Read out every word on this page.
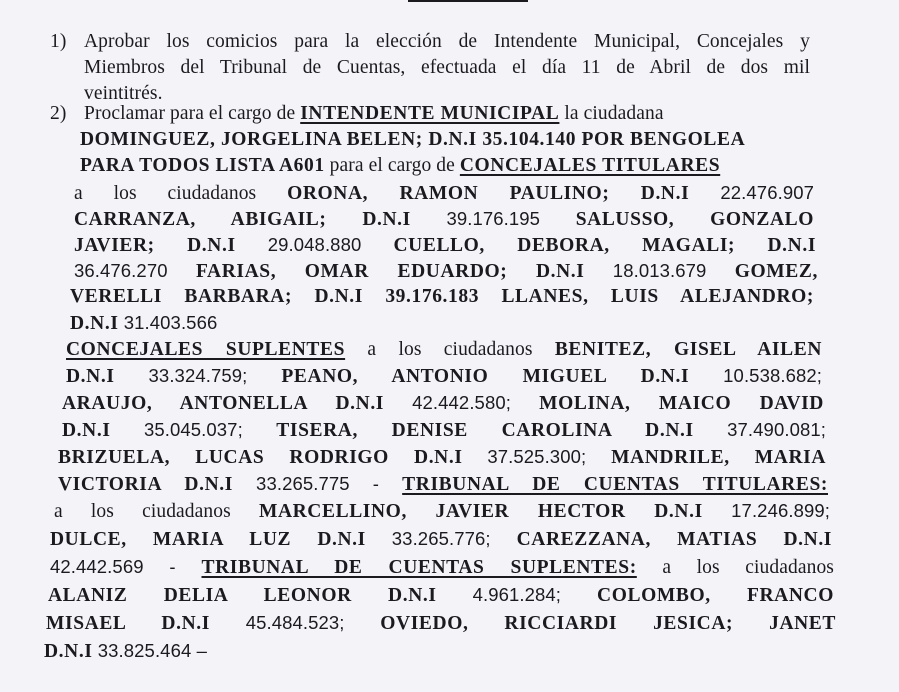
1) Aprobar los comicios para la elección de Intendente Municipal, Concejales y
Miembros del Tribunal de Cuentas, efectuada el día 11 de Abril de dos mil
veintitrés.
2) Proclamar para el cargo de INTENDENTE MUNICIPAL la ciudadana
DOMINGUEZ, JORGELINA BELEN; D.N.I 35.104.140 POR BENGOLEA
PARA TODOS LISTA A601 para el cargo de CONCEJALES TITULARES
a los ciudadanos ORONA, RAMON PAULINO; D.N.I 22.476.907
CARRANZA, ABIGAIL; D.N.I 39.176.195 SALUSSO, GONZALO
JAVIER; D.N.I 29.048.880 CUELLO, DEBORA, MAGALI; D.N.I
36.476.270 FARIAS, OMAR EDUARDO; D.N.I 18.013.679 GOMEZ,
VERELLI BARBARA; D.N.I 39.176.183 LLANES, LUIS ALEJANDRO;
D.N.I 31.403.566
CONCEJALES SUPLENTES a los ciudadanos BENITEZ, GISEL AILEN
D.N.I 33.324.759; PEANO, ANTONIO MIGUEL D.N.I 10.538.682;
ARAUJO, ANTONELLA D.N.I 42.442.580; MOLINA, MAICO DAVID
D.N.I 35.045.037; TISERA, DENISE CAROLINA D.N.I 37.490.081;
BRIZUELA, LUCAS RODRIGO D.N.I 37.525.300; MANDRILE, MARIA
VICTORIA D.N.I 33.265.775 - TRIBUNAL DE CUENTAS TITULARES:
a los ciudadanos MARCELLINO, JAVIER HECTOR D.N.I 17.246.899;
DULCE, MARIA LUZ D.N.I 33.265.776; CAREZZANA, MATIAS D.N.I
42.442.569 - TRIBUNAL DE CUENTAS SUPLENTES: a los ciudadanos
ALANIZ DELIA LEONOR D.N.I 4.961.284; COLOMBO, FRANCO
MISAEL D.N.I 45.484.523; OVIEDO, RICCIARDI JESICA; JANET
D.N.I 33.825.464 –
